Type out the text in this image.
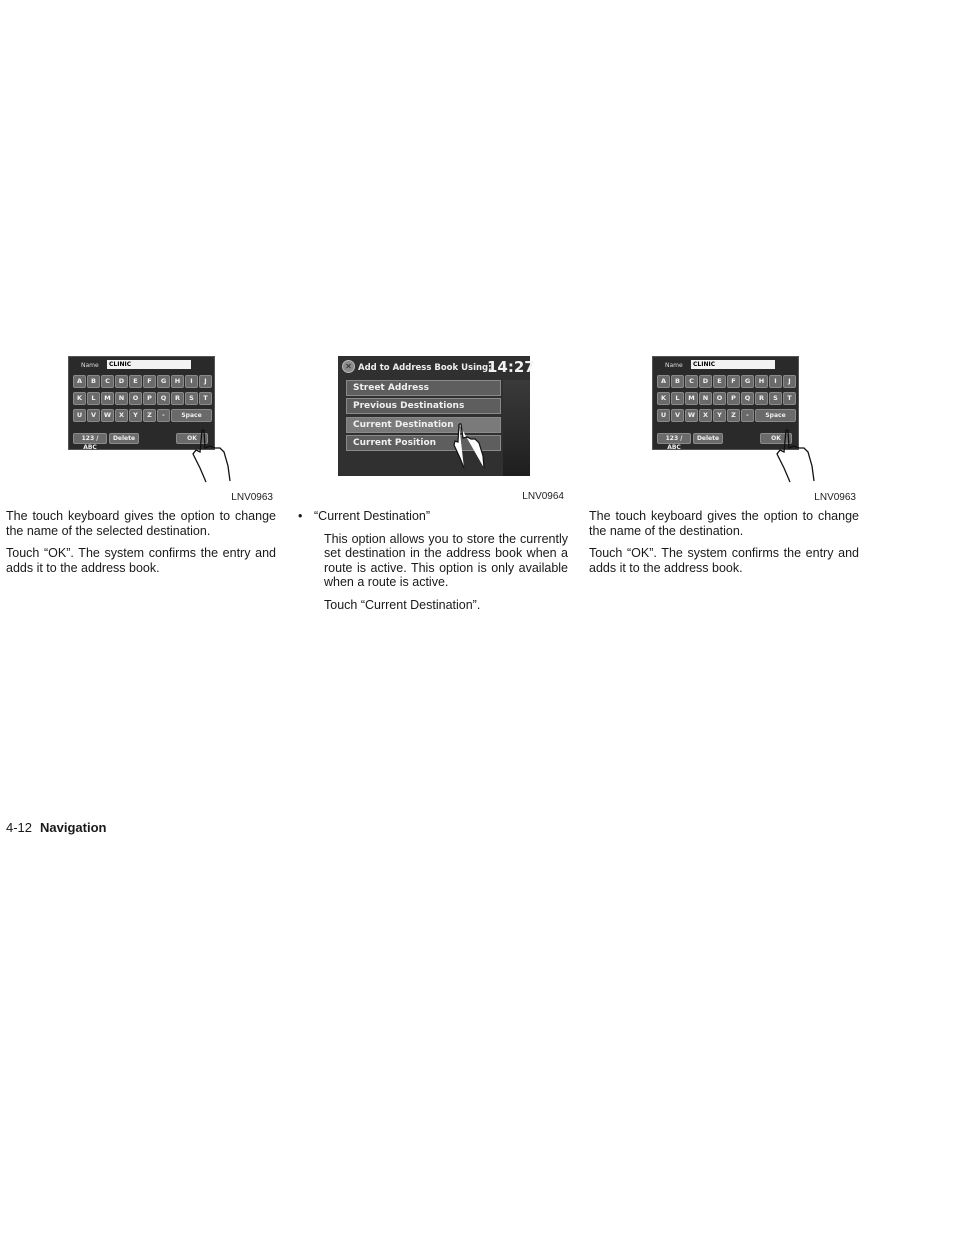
Name	CLINIC
A	B	C	D	E	F	G	H	I	J
K	L	M	N	O	P	Q	R	S	T
U	V	W	X	Y	Z	-	Space
123 / ABC
Delete	OK
LNV0963
✕ Add to Address Book Using:
14:27
Street Address
Previous Destinations
Current Destination
Current Position
LNV0964
Name	CLINIC
A	B	C	D	E	F	G	H	I	J
K	L	M	N	O	P	Q	R	S	T
U	V	W	X	Y	Z	-	Space
123 / ABC
Delete	OK
LNV0963

The touch keyboard gives the option to change the name of the selected destination.

Touch “OK”. The system confirms the entry and adds it to the address book.

• “Current Destination”

This option allows you to store the currently set destination in the address book when a route is active. This option is only available when a route is active.

Touch “Current Destination”.

The touch keyboard gives the option to change the name of the destination.

Touch “OK”. The system confirms the entry and adds it to the address book.

4-12 Navigation
